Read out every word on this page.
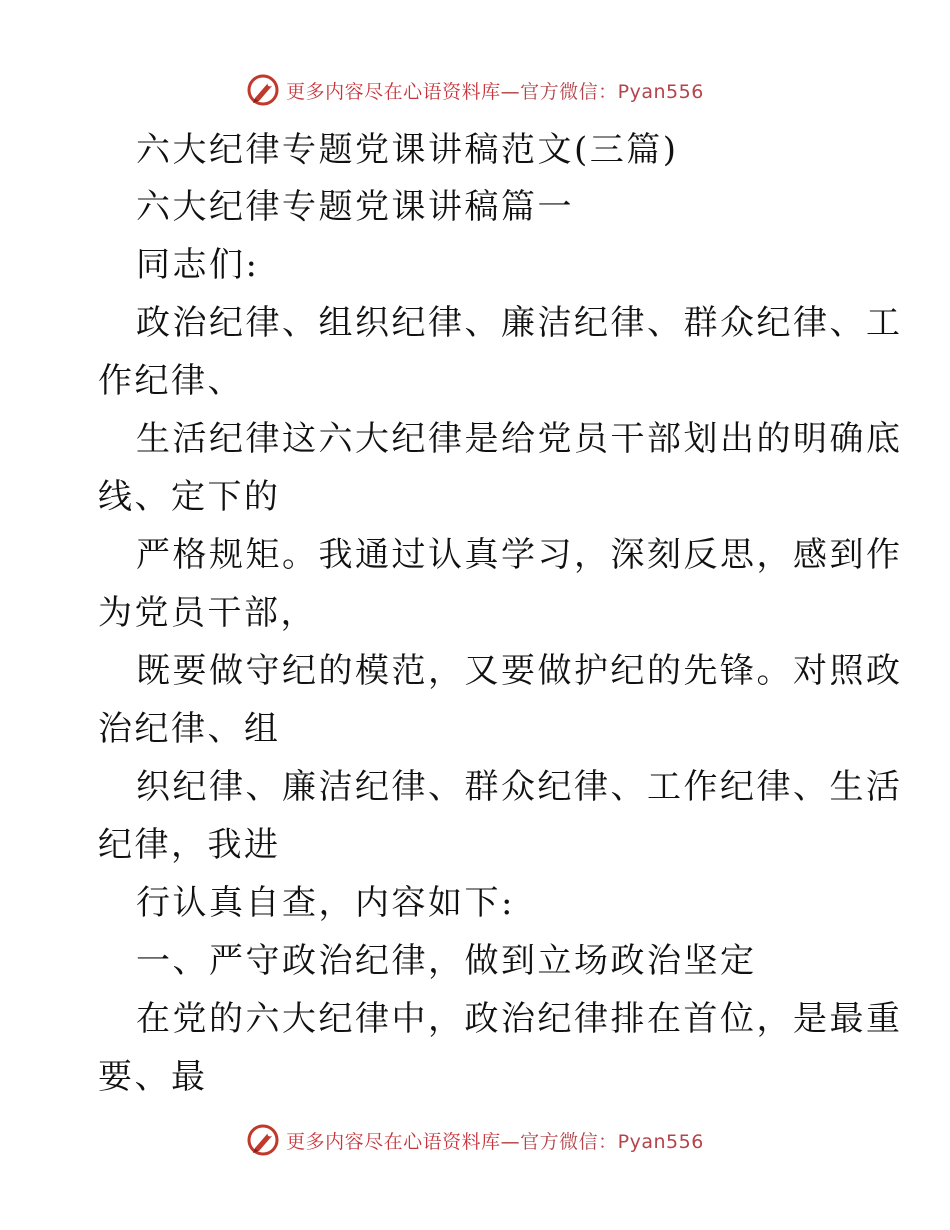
更多内容尽在心语资料库—官方微信：Pyan556
六大纪律专题党课讲稿范文(三篇)
六大纪律专题党课讲稿篇一
同志们:
政治纪律、组织纪律、廉洁纪律、群众纪律、工
作纪律、
生活纪律这六大纪律是给党员干部划出的明确底
线、定下的
严格规矩。我通过认真学习，深刻反思，感到作
为党员干部，
既要做守纪的模范，又要做护纪的先锋。对照政
治纪律、组
织纪律、廉洁纪律、群众纪律、工作纪律、生活
纪律，我进
行认真自查，内容如下:
一、严守政治纪律，做到立场政治坚定
在党的六大纪律中，政治纪律排在首位，是最重
要、最
更多内容尽在心语资料库—官方微信：Pyan556
